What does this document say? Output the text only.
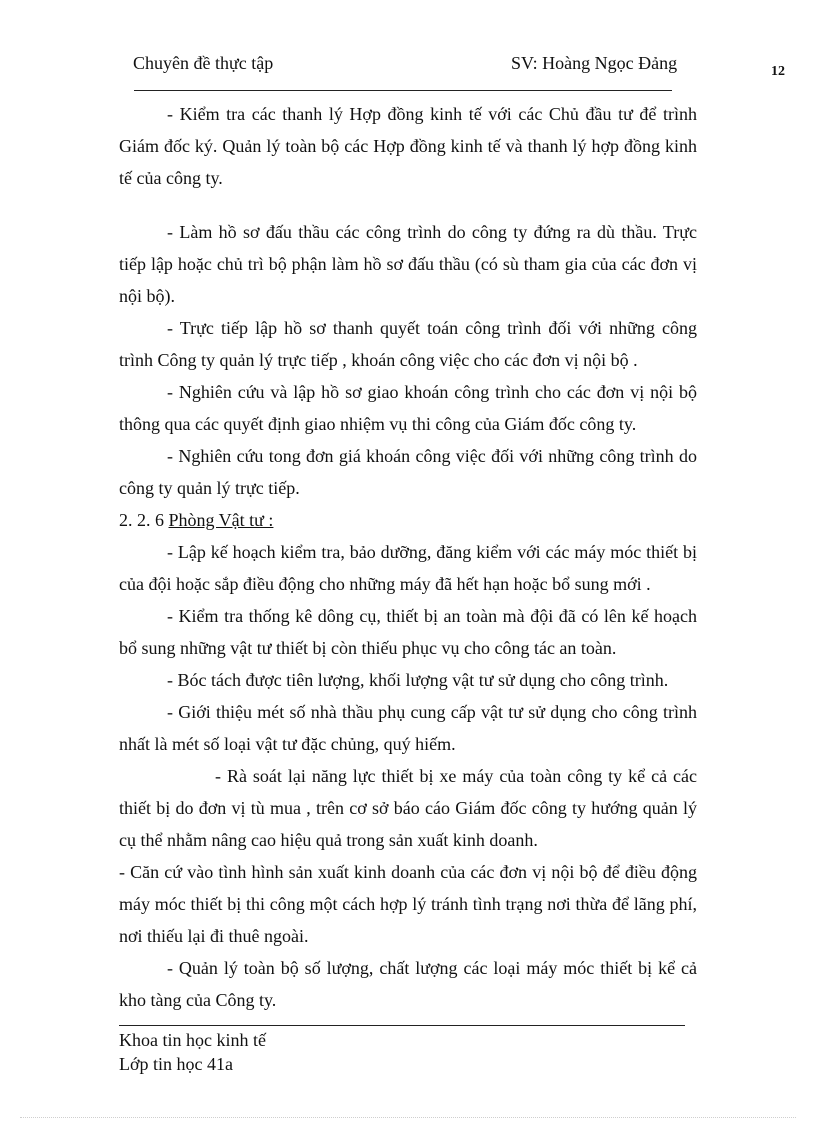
Chuyên đề thực tập	SV: Hoàng Ngọc Đảng	12

- Kiểm tra các thanh lý Hợp đồng kinh tế với các Chủ đầu tư để trình Giám đốc ký. Quản lý toàn bộ các Hợp đồng kinh tế và thanh lý hợp đồng kinh tế của công ty.

- Làm hồ sơ đấu thầu các công trình do công ty đứng ra dù thầu. Trực tiếp lập hoặc chủ trì bộ phận làm hồ sơ đấu thầu (có sù tham gia của các đơn vị nội bộ).

- Trực tiếp lập hồ sơ thanh quyết toán công trình đối với những công trình Công ty quản lý trực tiếp , khoán công việc cho các đơn vị nội bộ .

- Nghiên cứu và lập hồ sơ giao khoán công trình cho các đơn vị nội bộ thông qua các quyết định giao nhiệm vụ thi công của Giám đốc công ty.

- Nghiên cứu tong đơn giá khoán công việc đối với những công trình do công ty quản lý trực tiếp.

2. 2. 6 Phòng Vật tư :

- Lập kế hoạch kiểm tra, bảo dưỡng, đăng kiểm với các máy móc thiết bị của đội hoặc sắp điều động cho những máy đã hết hạn hoặc bổ sung mới .

- Kiểm tra thống kê dông cụ, thiết bị an toàn mà đội đã có lên kế hoạch bổ sung những vật tư thiết bị còn thiếu phục vụ cho công tác an toàn.

- Bóc tách được tiên lượng, khối lượng vật tư sử dụng cho công trình.

- Giới thiệu mét số nhà thầu phụ cung cấp vật tư sử dụng cho công trình nhất là mét số loại vật tư đặc chủng, quý hiếm.

- Rà soát lại năng lực thiết bị xe máy của toàn công ty kể cả các thiết bị do đơn vị tù mua , trên cơ sở báo cáo Giám đốc công ty hướng quản lý cụ thể nhằm nâng cao hiệu quả trong sản xuất kinh doanh.

- Căn cứ vào tình hình sản xuất kinh doanh của các đơn vị nội bộ để điều động máy móc thiết bị thi công một cách hợp lý tránh tình trạng nơi thừa để lãng phí, nơi thiếu lại đi thuê ngoài.

- Quản lý toàn bộ số lượng, chất lượng các loại máy móc thiết bị kể cả kho tàng của Công ty.

Khoa tin học kinh tế
Lớp tin học 41a
